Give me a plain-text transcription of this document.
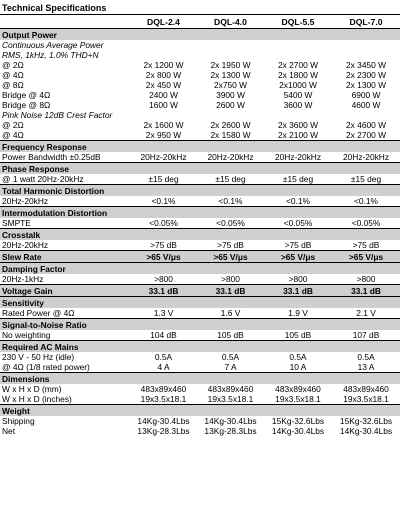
Technical Specifications				
	DQL-2.4	DQL-4.0	DQL-5.5	DQL-7.0
Output Power				
Continuous Average Power				
RMS, 1kHz, 1.0% THD+N				
@ 2Ω	2x 1200 W	2x 1950 W	2x 2700 W	2x 3450 W
@ 4Ω	2x 800 W	2x 1300 W	2x 1800 W	2x 2300 W
@ 8Ω	2x 450 W	2x750 W	2x1000 W	2x 1300 W
Bridge @ 4Ω	2400 W	3900 W	5400 W	6900 W
Bridge @ 8Ω	1600 W	2600 W	3600 W	4600 W
Pink Noise 12dB Crest Factor				
@ 2Ω	2x 1600 W	2x 2600 W	2x 3600 W	2x 4600 W
@ 4Ω	2x 950 W	2x 1580 W	2x 2100 W	2x 2700 W
Frequency Response				
Power Bandwidth ±0.25dB	20Hz-20kHz	20Hz-20kHz	20Hz-20kHz	20Hz-20kHz
Phase Response				
@ 1 watt 20Hz-20kHz	±15 deg	±15 deg	±15 deg	±15 deg
Total Harmonic Distortion				
20Hz-20kHz	<0.1%	<0.1%	<0.1%	<0.1%
Intermodulation Distortion				
SMPTE	<0.05%	<0.05%	<0.05%	<0.05%
Crosstalk				
20Hz-20kHz	>75 dB	>75 dB	>75 dB	>75 dB
Slew Rate	>65 V/μs	>65 V/μs	>65 V/μs	>65 V/μs
Damping Factor				
20Hz-1kHz	>800	>800	>800	>800
Voltage Gain	33.1 dB	33.1 dB	33.1 dB	33.1 dB
Sensitivity				
Rated Power @ 4Ω	1.3 V	1.6 V	1.9 V	2.1 V
Signal-to-Noise Ratio				
No weighting	104 dB	105 dB	105 dB	107 dB
Required AC Mains				
230 V - 50 Hz (idle)	0.5A	0.5A	0.5A	0.5A
@ 4Ω (1/8 rated power)	4 A	7 A	10 A	13 A
Dimensions				
W x H x D (mm)	483x89x460	483x89x460	483x89x460	483x89x460
W x H x D (inches)	19x3.5x18.1	19x3.5x18.1	19x3.5x18.1	19x3.5x18.1
Weight				
Shipping	14Kg-30.4Lbs	14Kg-30.4Lbs	15Kg-32.6Lbs	15Kg-32.6Lbs
Net	13Kg-28.3Lbs	13Kg-28.3Lbs	14Kg-30.4Lbs	14Kg-30.4Lbs
